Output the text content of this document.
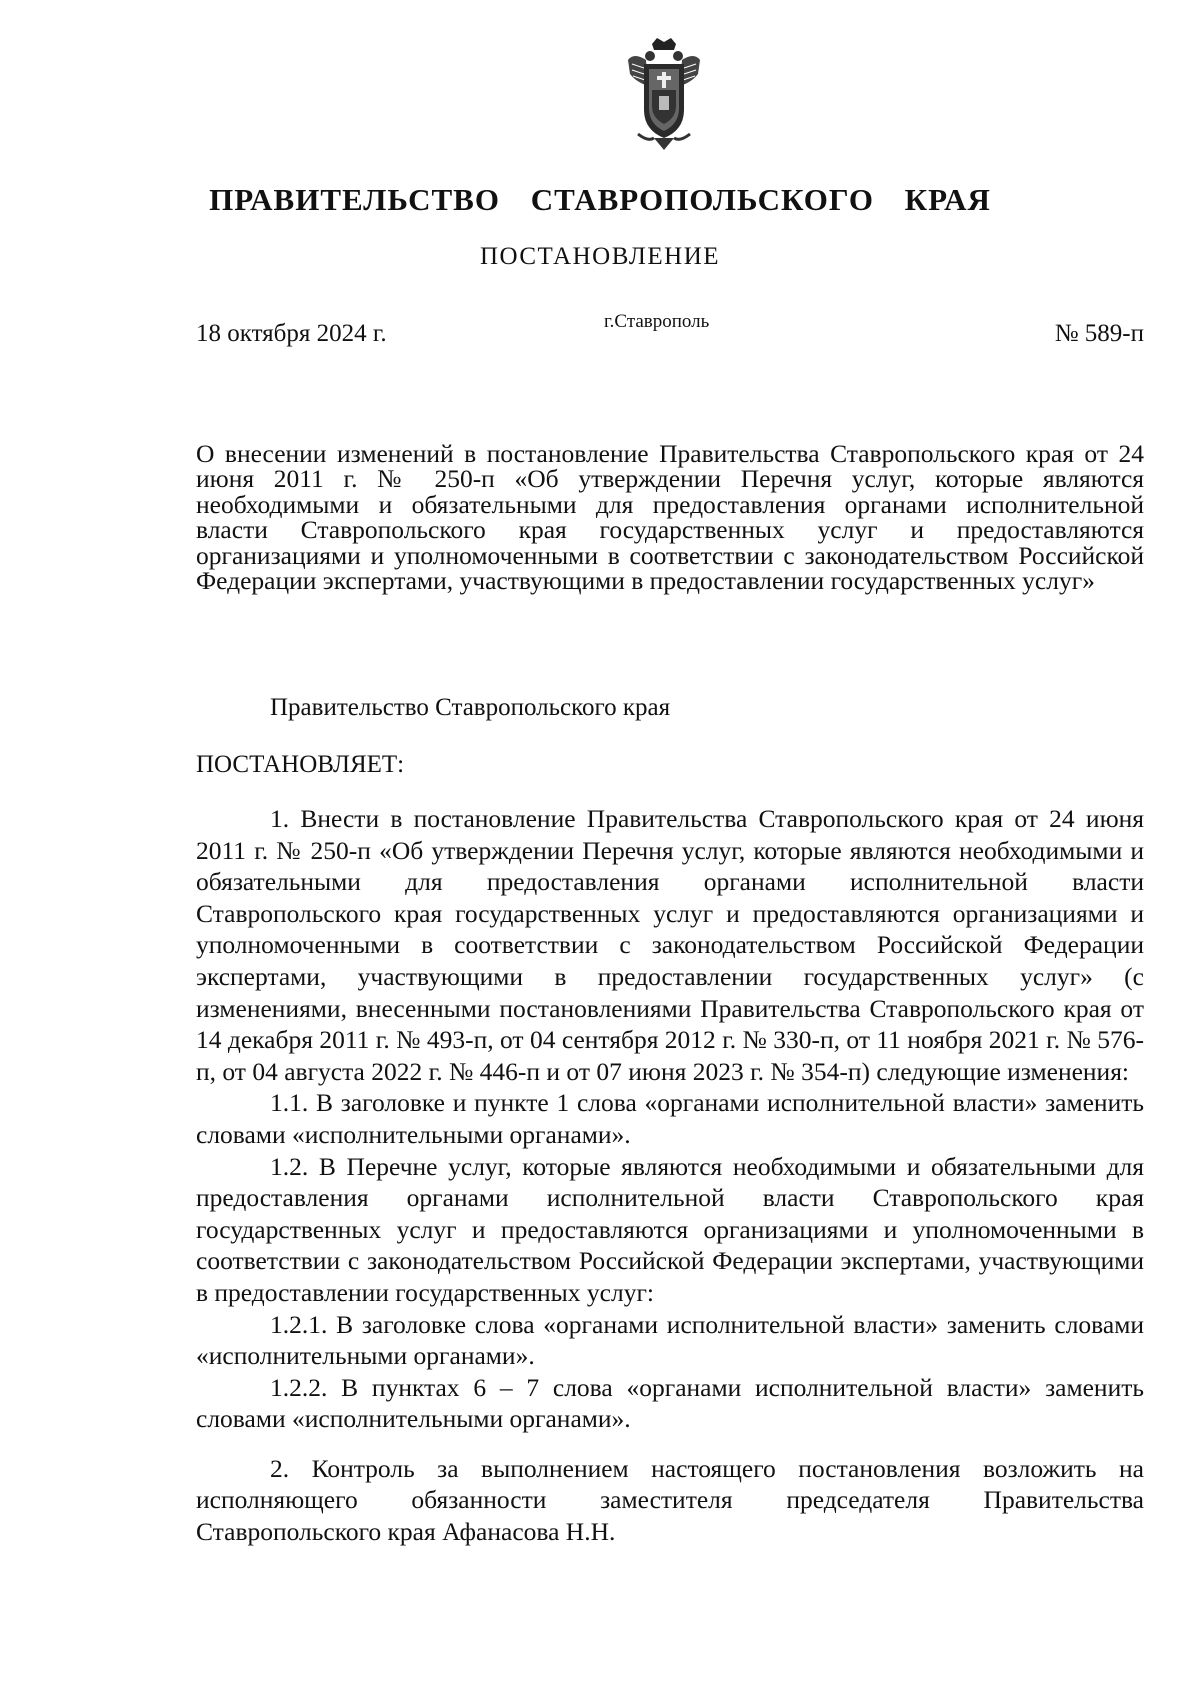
ПРАВИТЕЛЬСТВО СТАВРОПОЛЬСКОГО КРАЯ
ПОСТАНОВЛЕНИЕ
18 октября 2024 г.	г.Ставрополь	№ 589-п
О внесении изменений в постановление Правительства Ставропольского края от 24 июня 2011 г. № 250-п «Об утверждении Перечня услуг, которые являются необходимыми и обязательными для предоставления органами исполнительной власти Ставропольского края государственных услуг и предоставляются организациями и уполномоченными в соответствии с законодательством Российской Федерации экспертами, участвующими в предоставлении государственных услуг»
Правительство Ставропольского края
ПОСТАНОВЛЯЕТ:

1. Внести в постановление Правительства Ставропольского края от 24 июня 2011 г. № 250-п «Об утверждении Перечня услуг, которые являются необходимыми и обязательными для предоставления органами исполнительной власти Ставропольского края государственных услуг и предоставляются организациями и уполномоченными в соответствии с законодательством Российской Федерации экспертами, участвующими в предоставлении государственных услуг» (с изменениями, внесенными постановлениями Правительства Ставропольского края от 14 декабря 2011 г. № 493-п, от 04 сентября 2012 г. № 330-п, от 11 ноября 2021 г. № 576-п, от 04 августа 2022 г. № 446-п и от 07 июня 2023 г. № 354-п) следующие изменения:

1.1. В заголовке и пункте 1 слова «органами исполнительной власти» заменить словами «исполнительными органами».

1.2. В Перечне услуг, которые являются необходимыми и обязательными для предоставления органами исполнительной власти Ставропольского края государственных услуг и предоставляются организациями и уполномоченными в соответствии с законодательством Российской Федерации экспертами, участвующими в предоставлении государственных услуг:

1.2.1. В заголовке слова «органами исполнительной власти» заменить словами «исполнительными органами».

1.2.2. В пунктах 6 – 7 слова «органами исполнительной власти» заменить словами «исполнительными органами».

2. Контроль за выполнением настоящего постановления возложить на исполняющего обязанности заместителя председателя Правительства Ставропольского края Афанасова Н.Н.
